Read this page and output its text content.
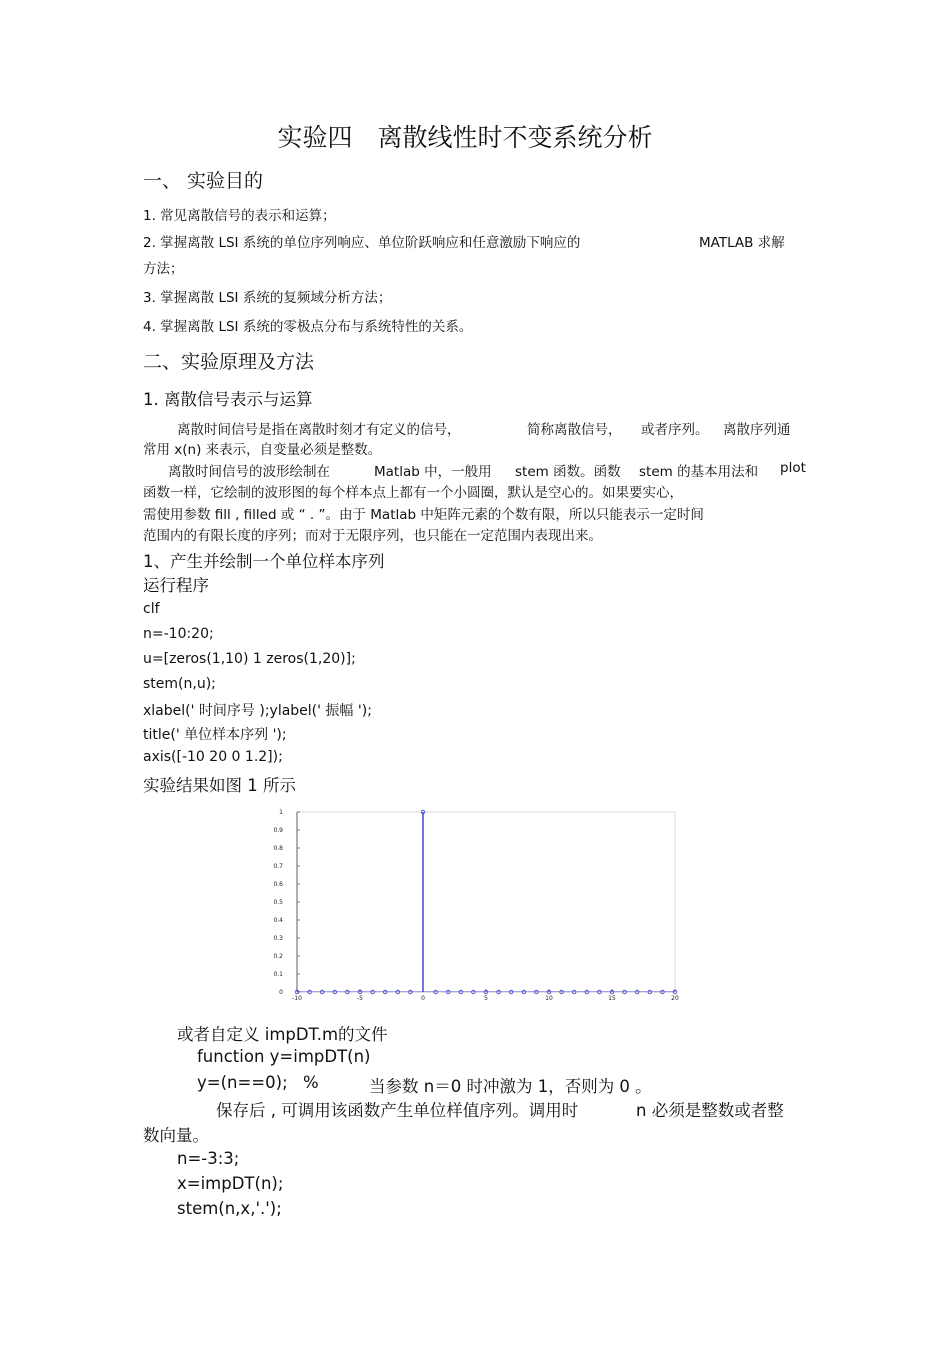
实验四　离散线性时不变系统分析
一、 实验目的
1. 常见离散信号的表示和运算；
2. 掌握离散 LSI 系统的单位序列响应、单位阶跃响应和任意激励下响应的	MATLAB 求解
方法；
3. 掌握离散 LSI 系统的复频域分析方法；
4. 掌握离散 LSI 系统的零极点分布与系统特性的关系。
二、实验原理及方法
1. 离散信号表示与运算
离散时间信号是指在离散时刻才有定义的信号，	简称离散信号， 或者序列。 离散序列通
常用 x(n) 来表示，自变量必须是整数。
离散时间信号的波形绘制在	Matlab 中，一般用 stem 函数。函数 stem 的基本用法和 plot
函数一样，它绘制的波形图的每个样本点上都有一个小圆圈，默认是空心的。如果要实心，
需使用参数 fill , filled 或 “ . ”。由于 Matlab 中矩阵元素的个数有限，所以只能表示一定时间
范围内的有限长度的序列；而对于无限序列，也只能在一定范围内表现出来。
1、产生并绘制一个单位样本序列
运行程序
clf
n=-10:20;
u=[zeros(1,10) 1 zeros(1,20)];
stem(n,u);
xlabel(' 时间序号 );ylabel(' 振幅 ');
title(' 单位样本序列 ');
axis([-10 20 0 1.2]);
实验结果如图 1 所示
0
0.1
0.2
0.3
0.4
0.5
0.6
0.7
0.8
0.9
1
-10	-5	0	5	10	15	20
或者自定义 impDT.m的文件
function y=impDT(n)
y=(n==0); %	当参数 n＝0 时冲激为 1，否则为 0 。
保存后 , 可调用该函数产生单位样值序列。调用时	n 必须是整数或者整
数向量。
n=-3:3;
x=impDT(n);
stem(n,x,'.');
